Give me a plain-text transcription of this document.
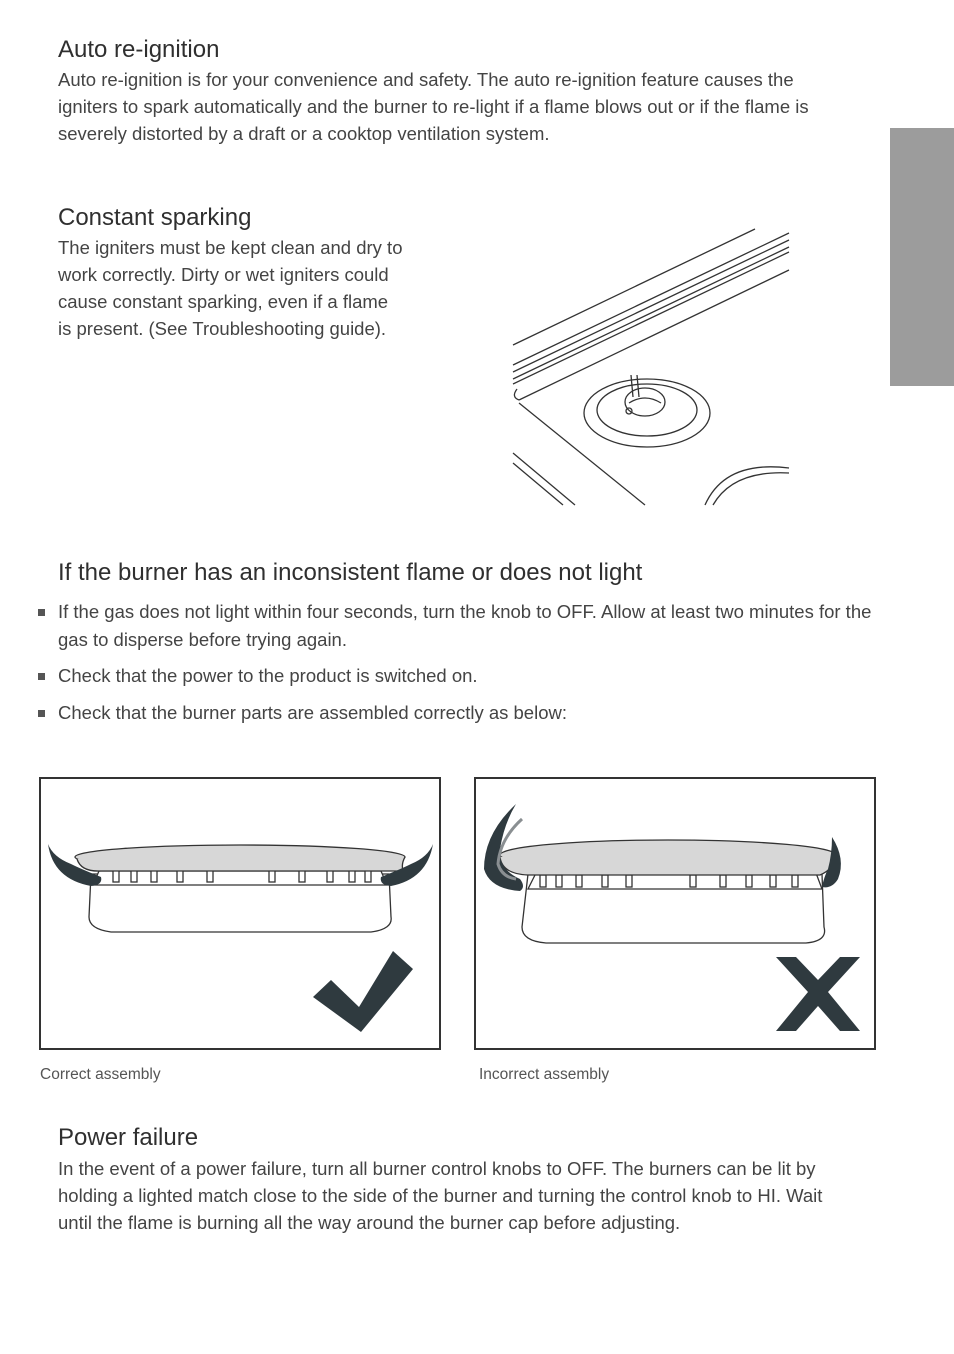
Auto re-ignition

Auto re-ignition is for your convenience and safety. The auto re-ignition feature causes the

igniters to spark automatically and the burner to re-light if a flame blows out or if the flame is

severely distorted by a draft or a cooktop ventilation system.

Constant sparking

The igniters must be kept clean and dry to

work correctly. Dirty or wet igniters could

cause constant sparking, even if a flame

is present. (See Troubleshooting guide).

If the burner has an inconsistent flame or does not light
If the gas does not light within four seconds, turn the knob to OFF. Allow at least two minutes for the gas to disperse before trying again.
Check that the power to the product is switched on.
Check that the burner parts are assembled correctly as below:
Correct assembly	Incorrect assembly
Power failure

In the event of a power failure, turn all burner control knobs to OFF. The burners can be lit by

holding a lighted match close to the side of the burner and turning the control knob to HI. Wait

until the flame is burning all the way around the burner cap before adjusting.
